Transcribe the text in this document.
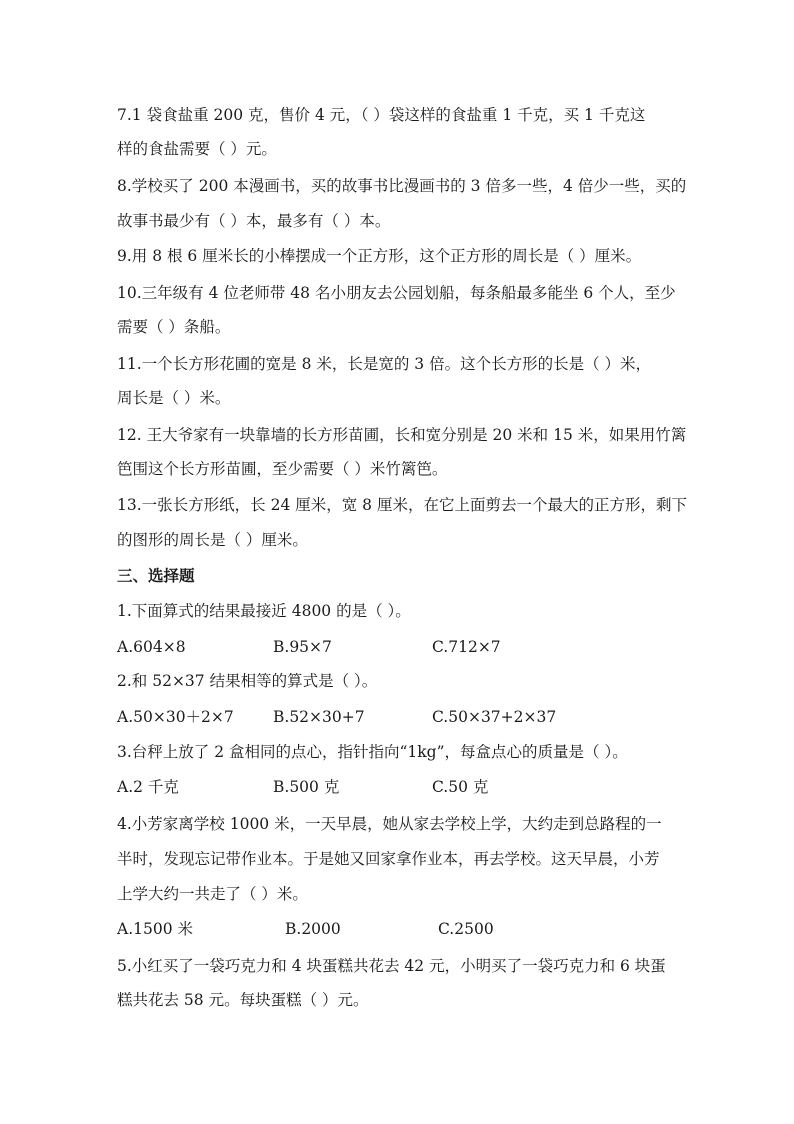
7.1 袋食盐重 200 克，售价 4 元，（ ）袋这样的食盐重 1 千克，买 1 千克这

样的食盐需要（ ）元。

8.学校买了 200 本漫画书，买的故事书比漫画书的 3 倍多一些，4 倍少一些，买的

故事书最少有（ ）本，最多有（ ）本。

9.用 8 根 6 厘米长的小棒摆成一个正方形，这个正方形的周长是（ ）厘米。

10.三年级有 4 位老师带 48 名小朋友去公园划船，每条船最多能坐 6 个人，至少

需要（ ）条船。

11.一个长方形花圃的宽是 8 米，长是宽的 3 倍。这个长方形的长是（ ）米，

周长是（ ）米。

12. 王大爷家有一块靠墙的长方形苗圃，长和宽分别是 20 米和 15 米，如果用竹篱

笆围这个长方形苗圃，至少需要（ ）米竹篱笆。

13.一张长方形纸，长 24 厘米，宽 8 厘米，在它上面剪去一个最大的正方形，剩下

的图形的周长是（ ）厘米。

三、选择题

1.下面算式的结果最接近 4800 的是（ ）。

A.604×8	B.95×7	C.712×7

2.和 52×37 结果相等的算式是（ ）。

A.50×30＋2×7	B.52×30+7	C.50×37+2×37

3.台秤上放了 2 盒相同的点心，指针指向“1kg”，每盒点心的质量是（ ）。

A.2 千克	B.500 克	C.50 克

4.小芳家离学校 1000 米，一天早晨，她从家去学校上学，大约走到总路程的一

半时，发现忘记带作业本。于是她又回家拿作业本，再去学校。这天早晨，小芳

上学大约一共走了（ ）米。

A.1500 米	B.2000	C.2500

5.小红买了一袋巧克力和 4 块蛋糕共花去 42 元，小明买了一袋巧克力和 6 块蛋

糕共花去 58 元。每块蛋糕（ ）元。
